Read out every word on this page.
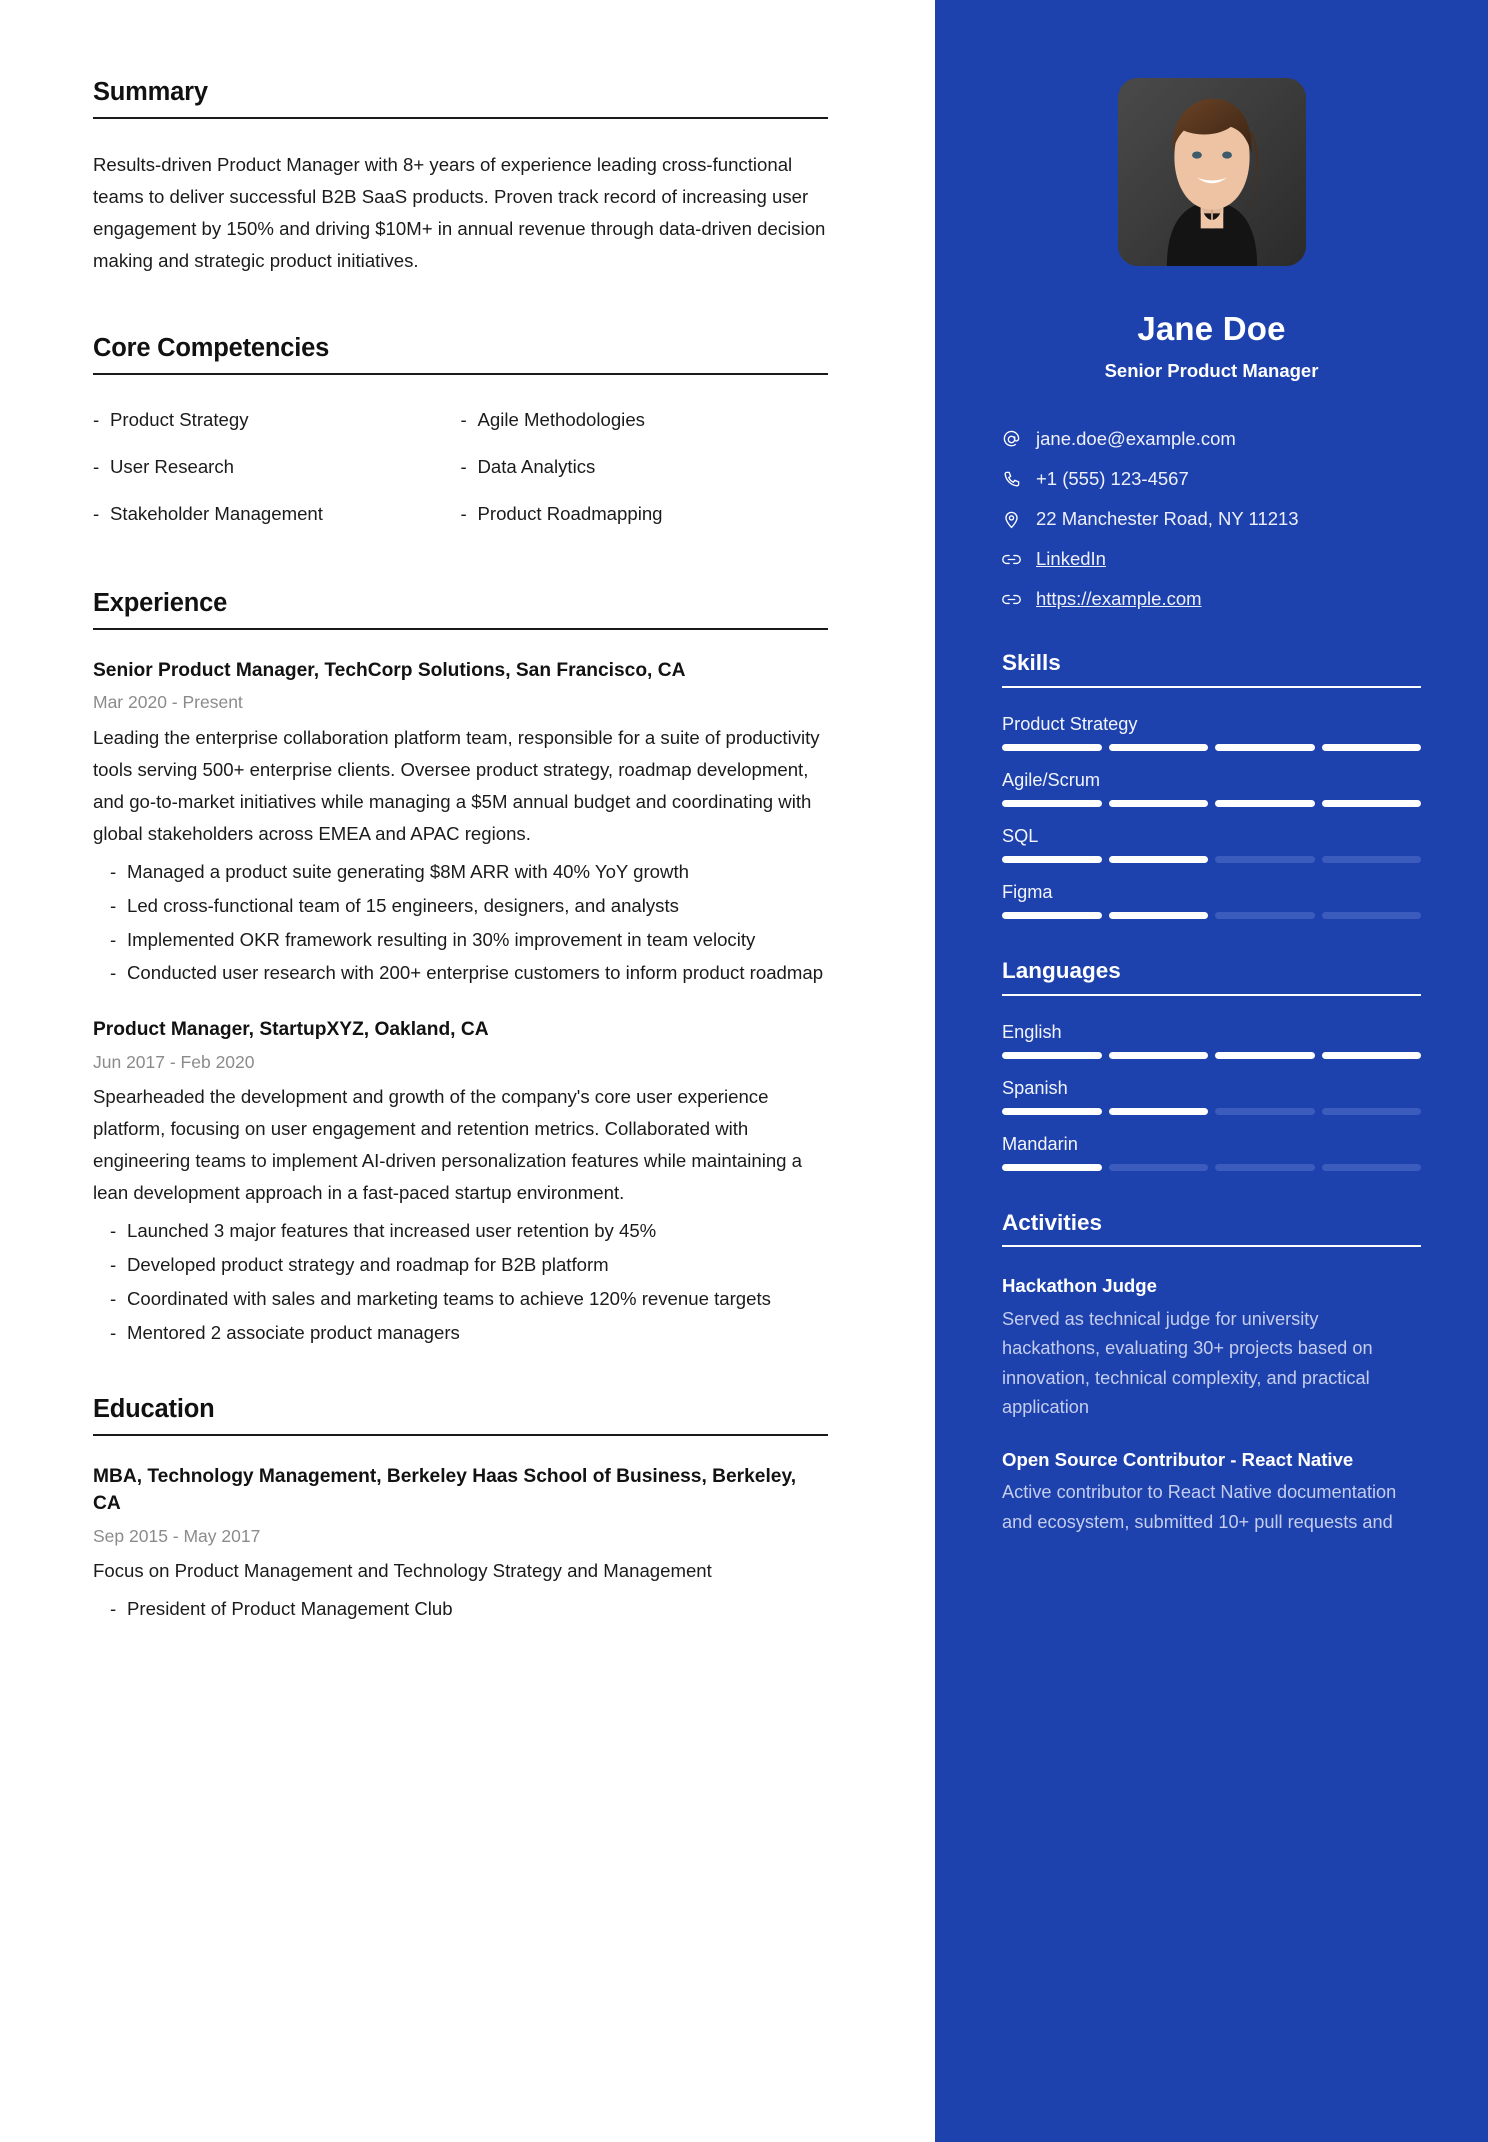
Summary

Results-driven Product Manager with 8+ years of experience leading cross-functional teams to deliver successful B2B SaaS products. Proven track record of increasing user engagement by 150% and driving $10M+ in annual revenue through data-driven decision making and strategic product initiatives.

Core Competencies
- Product Strategy
- User Research
- Stakeholder Management
- Agile Methodologies
- Data Analytics
- Product Roadmapping
Experience
Senior Product Manager, TechCorp Solutions, San Francisco, CA
Mar 2020 - Present
Leading the enterprise collaboration platform team, responsible for a suite of productivity tools serving 500+ enterprise clients. Oversee product strategy, roadmap development, and go-to-market initiatives while managing a $5M annual budget and coordinating with global stakeholders across EMEA and APAC regions.
- Managed a product suite generating $8M ARR with 40% YoY growth
- Led cross-functional team of 15 engineers, designers, and analysts
- Implemented OKR framework resulting in 30% improvement in team velocity
- Conducted user research with 200+ enterprise customers to inform product roadmap
Product Manager, StartupXYZ, Oakland, CA
Jun 2017 - Feb 2020
Spearheaded the development and growth of the company's core user experience platform, focusing on user engagement and retention metrics. Collaborated with engineering teams to implement AI-driven personalization features while maintaining a lean development approach in a fast-paced startup environment.
- Launched 3 major features that increased user retention by 45%
- Developed product strategy and roadmap for B2B platform
- Coordinated with sales and marketing teams to achieve 120% revenue targets
- Mentored 2 associate product managers
Education
MBA, Technology Management, Berkeley Haas School of Business, Berkeley, CA
Sep 2015 - May 2017
Focus on Product Management and Technology Strategy and Management
- President of Product Management Club
Jane Doe
Senior Product Manager
jane.doe@example.com
+1 (555) 123-4567
22 Manchester Road, NY 11213
LinkedIn
https://example.com
Skills
Product Strategy
Agile/Scrum
SQL
Figma
Languages
English
Spanish
Mandarin
Activities
Hackathon Judge
Served as technical judge for university hackathons, evaluating 30+ projects based on innovation, technical complexity, and practical application
Open Source Contributor - React Native
Active contributor to React Native documentation and ecosystem, submitted 10+ pull requests and
